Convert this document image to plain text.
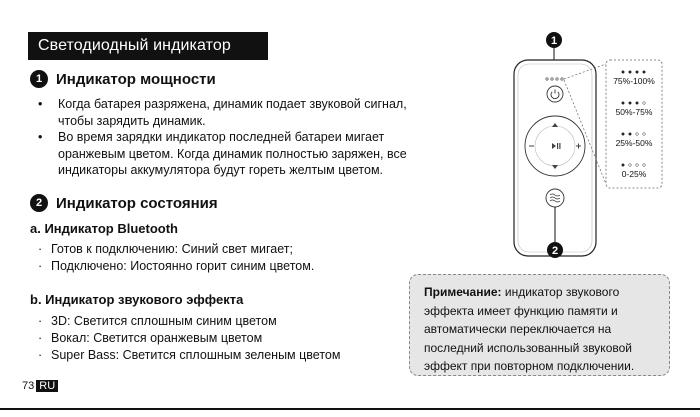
Светодиодный индикатор
1 Индикатор мощности
• Когда батарея разряжена, динамик подает звуковой сигнал,
чтобы зарядить динамик.
• Во время зарядки индикатор последней батареи мигает
оранжевым цветом. Когда динамик полностью заряжен, все
индикаторы аккумулятора будут гореть желтым цветом.
2 Индикатор состояния
a. Индикатор Bluetooth
· Готов к подключению: Синий свет мигает;
· Подключено: Иостоянно горит синим цветом.
b. Индикатор звукового эффекта
· 3D: Светится сплошным синим цветом
· Вокал: Светится оранжевым цветом
· Super Bass: Светится сплошным зеленым цветом
Примечание: индикатор звукового
эффекта имеет функцию памяти и
автоматически переключается на
последний использованный звуковой
эффект при повторном подключении.
1
2
75%-100%
50%-75%
25%-50%
0-25%
73 RU
